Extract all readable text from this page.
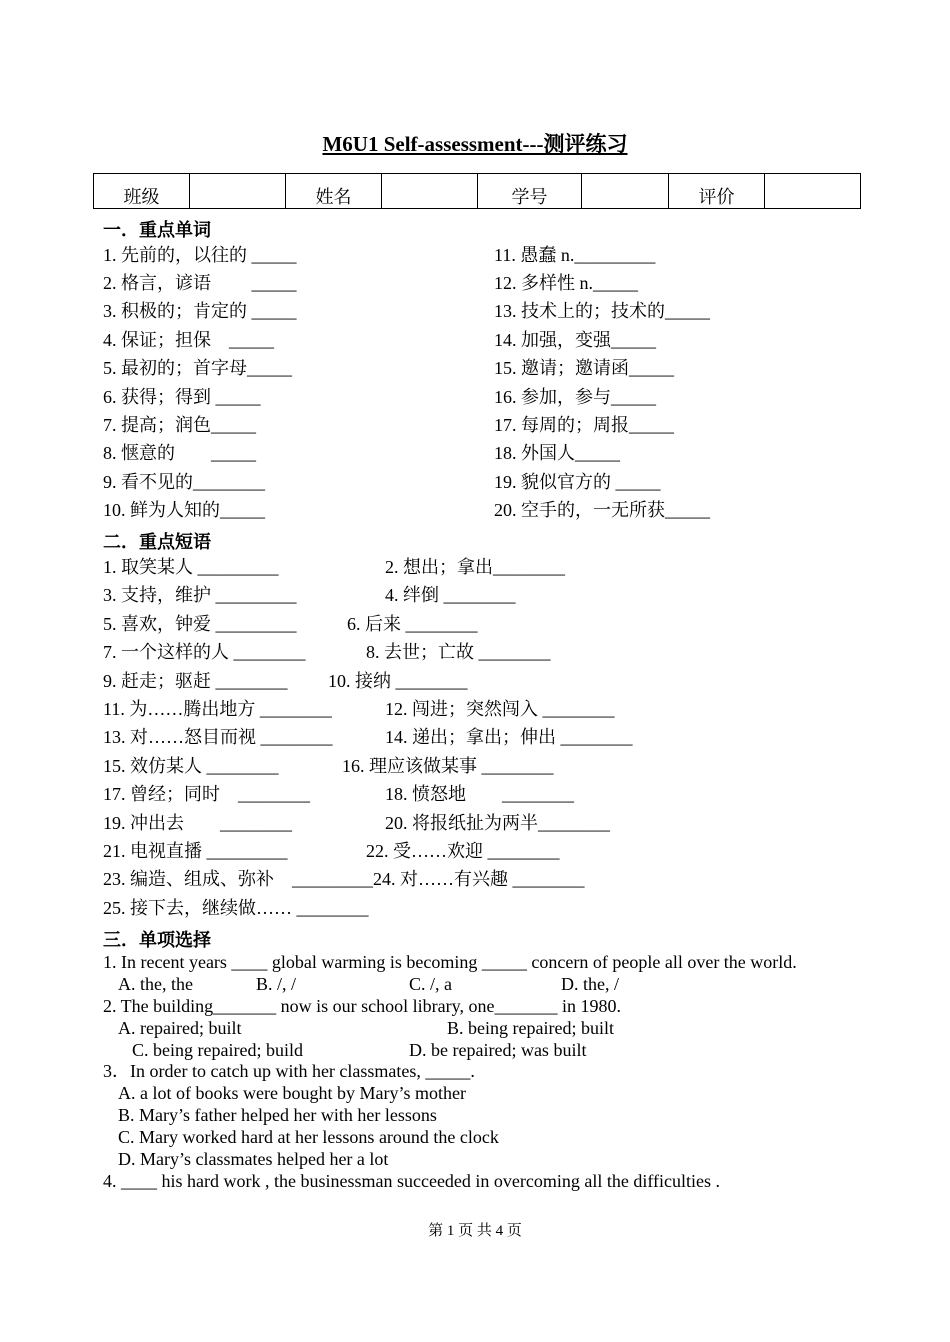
M6U1 Self-assessment---测评练习
班级		姓名		学号		评价	
一．重点单词
1. 先前的，以往的 _____
2. 格言，谚语　　 _____
3. 积极的；肯定的 _____
4. 保证；担保　_____
5. 最初的；首字母_____
6. 获得；得到 _____
7. 提高；润色_____
8. 惬意的　　_____
9. 看不见的________
10. 鲜为人知的_____
11. 愚蠢 n._________
12. 多样性 n._____
13. 技术上的；技术的_____
14. 加强，变强_____
15. 邀请；邀请函_____
16. 参加，参与_____
17. 每周的；周报_____
18. 外国人_____
19. 貌似官方的 _____
20. 空手的，一无所获_____
二．重点短语
1. 取笑某人 _________	2. 想出；拿出________
3. 支持，维护 _________	4. 绊倒 ________
5. 喜欢，钟爱 _________	6. 后来 ________
7. 一个这样的人 ________	8. 去世；亡故 ________
9. 赶走；驱赶 ________ 10. 接纳 ________
11. 为……腾出地方 ________	12. 闯进；突然闯入 ________
13. 对……怒目而视 ________	14. 递出；拿出；伸出 ________
15. 效仿某人 ________	16. 理应该做某事 ________
17. 曾经；同时　________	18. 愤怒地　　________
19. 冲出去　　________	20. 将报纸扯为两半________
21. 电视直播 _________	22. 受……欢迎 ________
23. 编造、组成、弥补　_________24. 对……有兴趣 ________
25. 接下去，继续做…… ________
三．单项选择
1. In recent years ____ global warming is becoming _____ concern of people all over the world.
A. the, the	B. /, /	C. /, a	D. the, /
2. The building_______ now is our school library, one_______ in 1980.
A. repaired; built	B. being repaired; built
C. being repaired; build	D. be repaired; was built
3．In order to catch up with her classmates, _____.
A. a lot of books were bought by Mary’s mother
B. Mary’s father helped her with her lessons
C. Mary worked hard at her lessons around the clock
D. Mary’s classmates helped her a lot
4. ____ his hard work , the businessman succeeded in overcoming all the difficulties .
第 1 页 共 4 页
